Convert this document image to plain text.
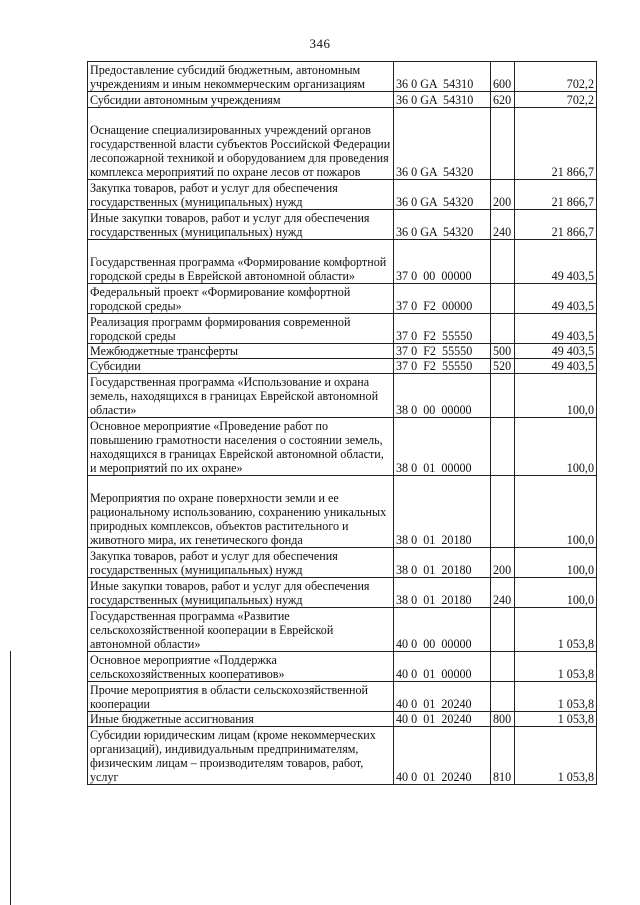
346
Предоставление субсидий бюджетным, автономным учреждениям и иным некоммерческим организациям	36 0 GA  54310	600	702,2
Субсидии автономным учреждениям	36 0 GA  54310	620	702,2
Оснащение специализированных учреждений органов государственной власти субъектов Российской Федерации лесопожарной техникой и оборудованием для проведения комплекса мероприятий по охране лесов от пожаров	36 0 GA  54320		21 866,7
Закупка товаров, работ и услуг для обеспечения государственных (муниципальных) нужд	36 0 GA  54320	200	21 866,7
Иные закупки товаров, работ и услуг для обеспечения государственных (муниципальных) нужд	36 0 GA  54320	240	21 866,7
Государственная программа «Формирование комфортной городской среды в Еврейской автономной области»	37 0  00  00000		49 403,5
Федеральный проект «Формирование комфортной городской среды»	37 0  F2  00000		49 403,5
Реализация программ формирования современной городской среды	37 0  F2  55550		49 403,5
Межбюджетные трансферты	37 0  F2  55550	500	49 403,5
Субсидии	37 0  F2  55550	520	49 403,5
Государственная программа «Использование и охрана земель, находящихся в границах Еврейской автономной области»	38 0  00  00000		100,0
Основное мероприятие «Проведение работ по повышению грамотности населения о состоянии земель, находящихся в границах Еврейской автономной области, и мероприятий по их охране»	38 0  01  00000		100,0
Мероприятия по охране поверхности земли и ее рациональному использованию, сохранению уникальных природных комплексов, объектов растительного и животного мира, их генетического фонда	38 0  01  20180		100,0
Закупка товаров, работ и услуг для обеспечения государственных (муниципальных) нужд	38 0  01  20180	200	100,0
Иные закупки товаров, работ и услуг для обеспечения государственных (муниципальных) нужд	38 0  01  20180	240	100,0
Государственная программа «Развитие сельскохозяйственной кооперации в Еврейской автономной области»	40 0  00  00000		1 053,8
Основное мероприятие «Поддержка сельскохозяйственных кооперативов»	40 0  01  00000		1 053,8
Прочие мероприятия в области сельскохозяйственной кооперации	40 0  01  20240		1 053,8
Иные бюджетные ассигнования	40 0  01  20240	800	1 053,8
Субсидии юридическим лицам (кроме некоммерческих организаций), индивидуальным предпринимателям, физическим лицам – производителям товаров, работ, услуг	40 0  01  20240	810	1 053,8
